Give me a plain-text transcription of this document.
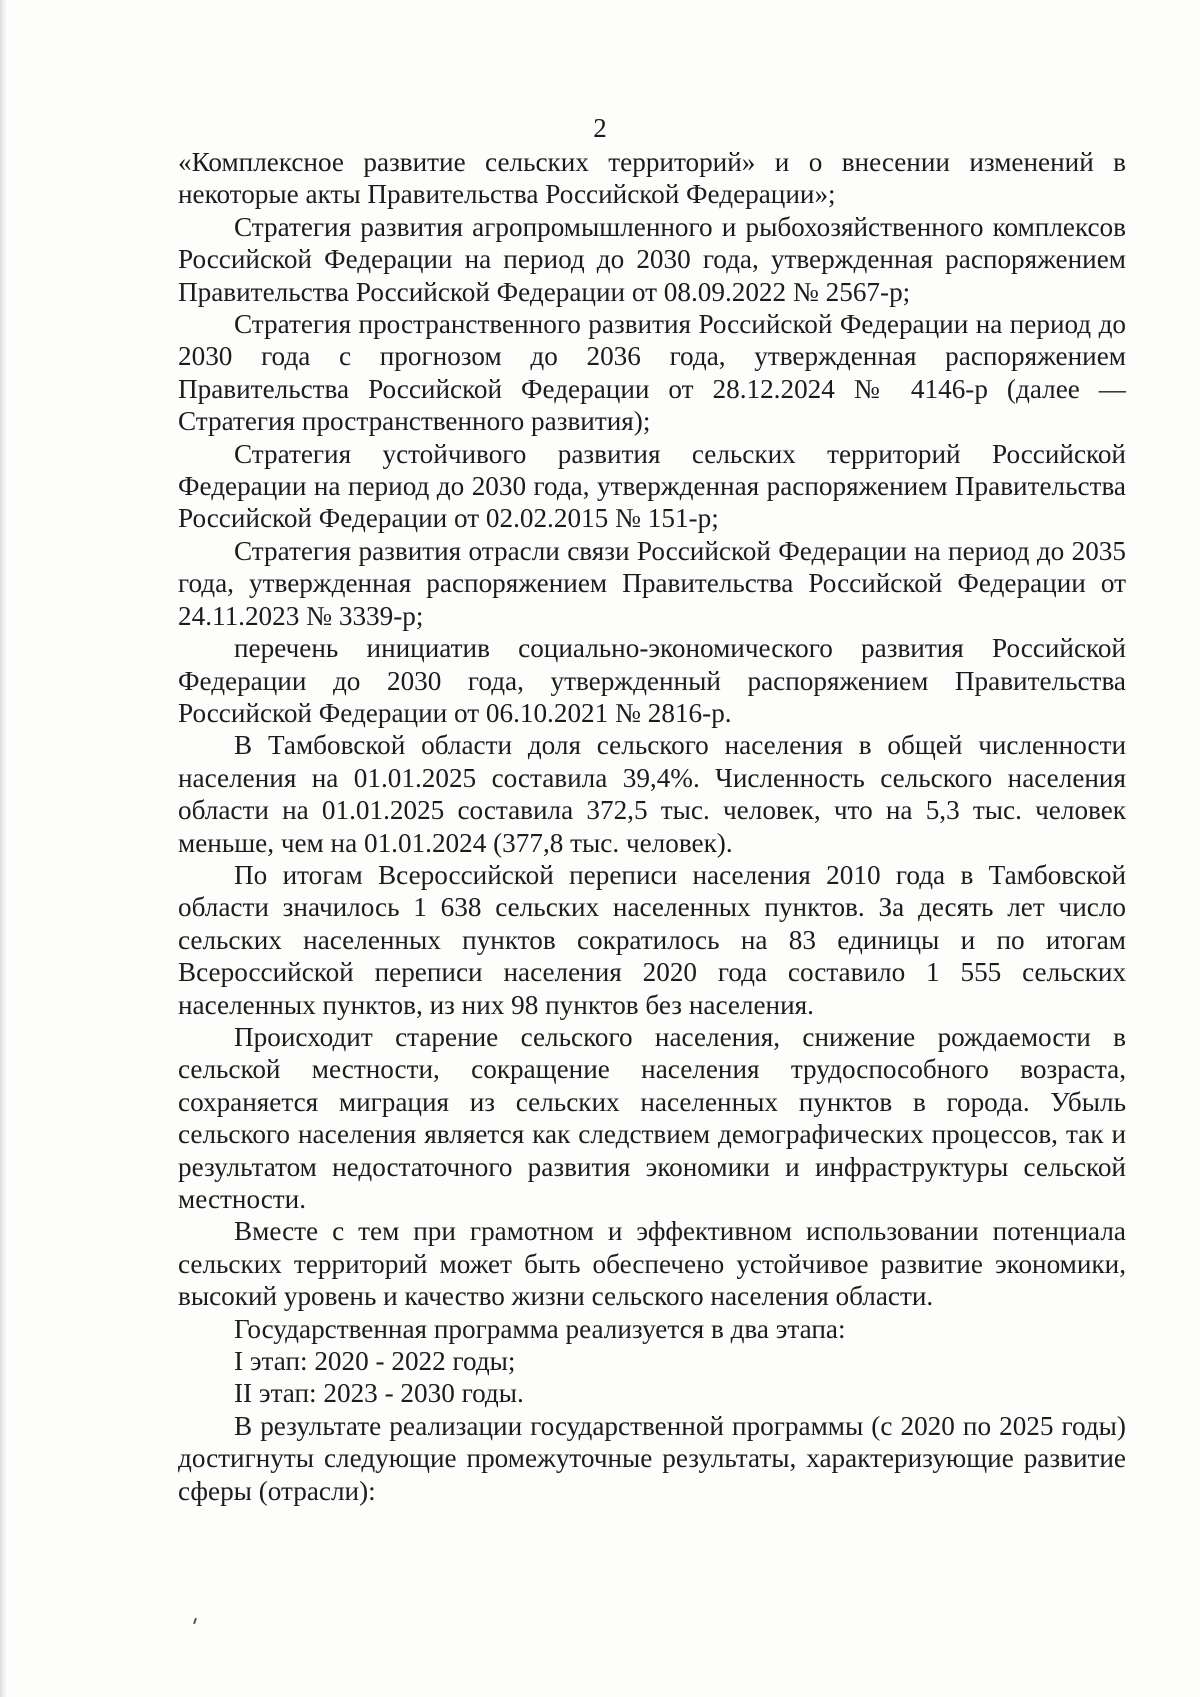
2

«Комплексное развитие сельских территорий» и о внесении изменений в некоторые акты Правительства Российской Федерации»;

Стратегия развития агропромышленного и рыбохозяйственного комплексов Российской Федерации на период до 2030 года, утвержденная распоряжением Правительства Российской Федерации от 08.09.2022 № 2567-р;

Стратегия пространственного развития Российской Федерации на период до 2030 года с прогнозом до 2036 года, утвержденная распоряжением Правительства Российской Федерации от 28.12.2024 № 4146-р (далее — Стратегия пространственного развития);

Стратегия устойчивого развития сельских территорий Российской Федерации на период до 2030 года, утвержденная распоряжением Правительства Российской Федерации от 02.02.2015 № 151-р;

Стратегия развития отрасли связи Российской Федерации на период до 2035 года, утвержденная распоряжением Правительства Российской Федерации от 24.11.2023 № 3339-р;

перечень инициатив социально-экономического развития Российской Федерации до 2030 года, утвержденный распоряжением Правительства Российской Федерации от 06.10.2021 № 2816-р.

В Тамбовской области доля сельского населения в общей численности населения на 01.01.2025 составила 39,4%. Численность сельского населения области на 01.01.2025 составила 372,5 тыс. человек, что на 5,3 тыс. человек меньше, чем на 01.01.2024 (377,8 тыс. человек).

По итогам Всероссийской переписи населения 2010 года в Тамбовской области значилось 1 638 сельских населенных пунктов. За десять лет число сельских населенных пунктов сократилось на 83 единицы и по итогам Всероссийской переписи населения 2020 года составило 1 555 сельских населенных пунктов, из них 98 пунктов без населения.

Происходит старение сельского населения, снижение рождаемости в сельской местности, сокращение населения трудоспособного возраста, сохраняется миграция из сельских населенных пунктов в города. Убыль сельского населения является как следствием демографических процессов, так и результатом недостаточного развития экономики и инфраструктуры сельской местности.

Вместе с тем при грамотном и эффективном использовании потенциала сельских территорий может быть обеспечено устойчивое развитие экономики, высокий уровень и качество жизни сельского населения области.

Государственная программа реализуется в два этапа:

I этап: 2020 - 2022 годы;

II этап: 2023 - 2030 годы.

В результате реализации государственной программы (с 2020 по 2025 годы) достигнуты следующие промежуточные результаты, характеризующие развитие сферы (отрасли):
